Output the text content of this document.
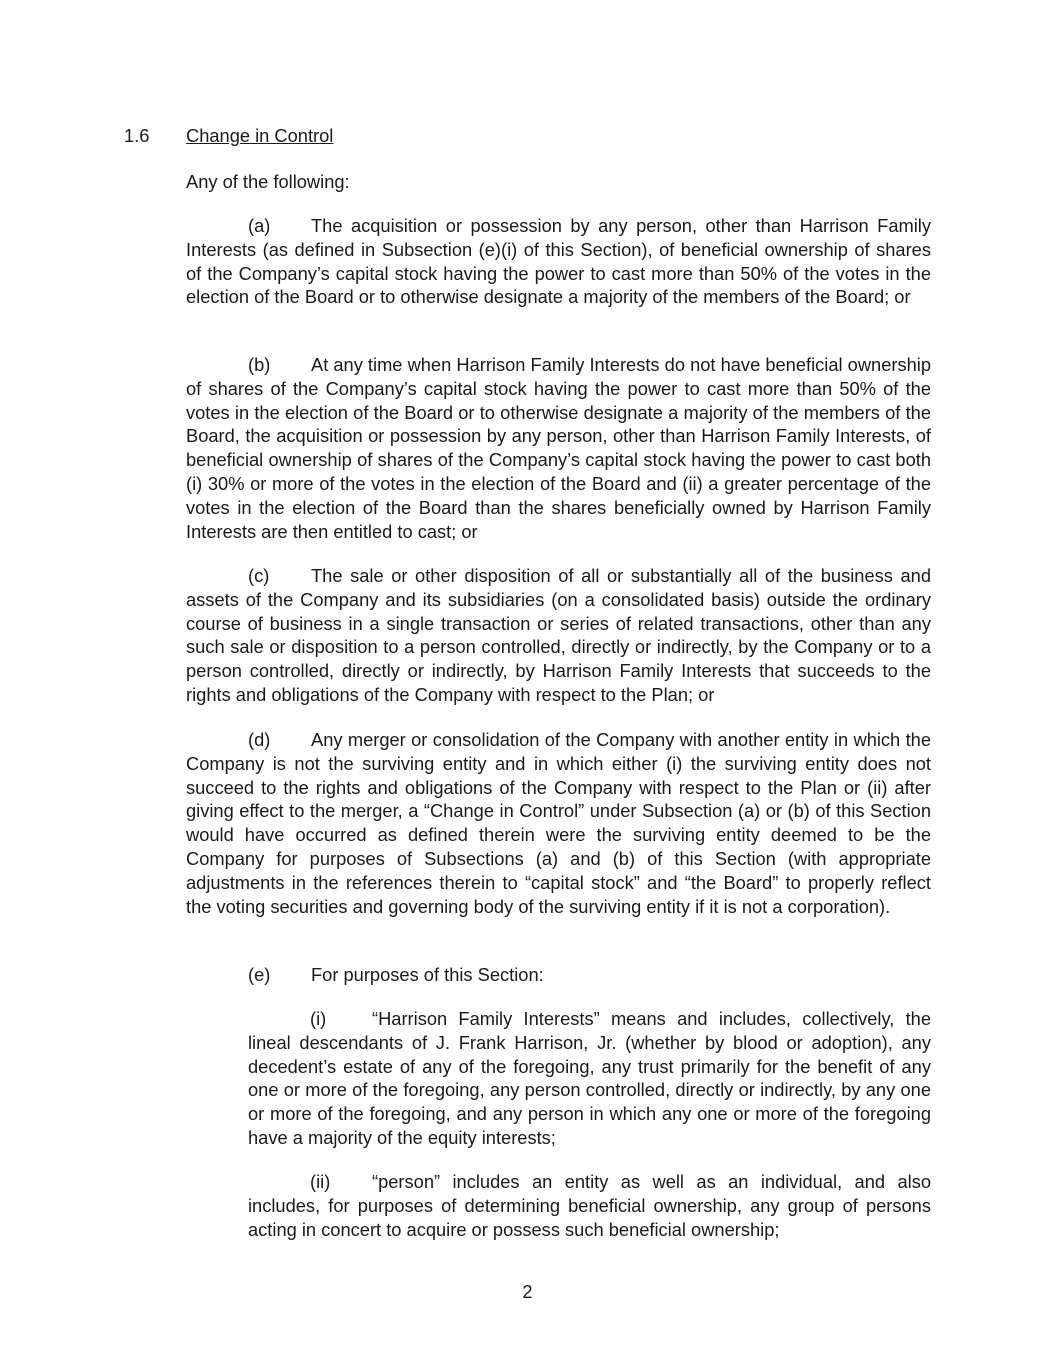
1.6 Change in Control
Any of the following:

(a) The acquisition or possession by any person, other than Harrison Family Interests (as defined in Subsection (e)(i) of this Section), of beneficial ownership of shares of the Company’s capital stock having the power to cast more than 50% of the votes in the election of the Board or to otherwise designate a majority of the members of the Board; or

(b) At any time when Harrison Family Interests do not have beneficial ownership of shares of the Company’s capital stock having the power to cast more than 50% of the votes in the election of the Board or to otherwise designate a majority of the members of the Board, the acquisition or possession by any person, other than Harrison Family Interests, of beneficial ownership of shares of the Company’s capital stock having the power to cast both (i) 30% or more of the votes in the election of the Board and (ii) a greater percentage of the votes in the election of the Board than the shares beneficially owned by Harrison Family Interests are then entitled to cast; or

(c) The sale or other disposition of all or substantially all of the business and assets of the Company and its subsidiaries (on a consolidated basis) outside the ordinary course of business in a single transaction or series of related transactions, other than any such sale or disposition to a person controlled, directly or indirectly, by the Company or to a person controlled, directly or indirectly, by Harrison Family Interests that succeeds to the rights and obligations of the Company with respect to the Plan; or

(d) Any merger or consolidation of the Company with another entity in which the Company is not the surviving entity and in which either (i) the surviving entity does not succeed to the rights and obligations of the Company with respect to the Plan or (ii) after giving effect to the merger, a “Change in Control” under Subsection (a) or (b) of this Section would have occurred as defined therein were the surviving entity deemed to be the Company for purposes of Subsections (a) and (b) of this Section (with appropriate adjustments in the references therein to “capital stock” and “the Board” to properly reflect the voting securities and governing body of the surviving entity if it is not a corporation).

(e) For purposes of this Section:

(i)	“Harrison Family Interests” means and includes, collectively, the lineal descendants of J. Frank Harrison, Jr. (whether by blood or adoption), any decedent’s estate of any of the foregoing, any trust primarily for the benefit of any one or more of the foregoing, any person controlled, directly or indirectly, by any one or more of the foregoing, and any person in which any one or more of the foregoing have a majority of the equity interests;

(ii) “person” includes an entity as well as an individual, and also includes, for purposes of determining beneficial ownership, any group of persons acting in concert to acquire or possess such beneficial ownership;

2
